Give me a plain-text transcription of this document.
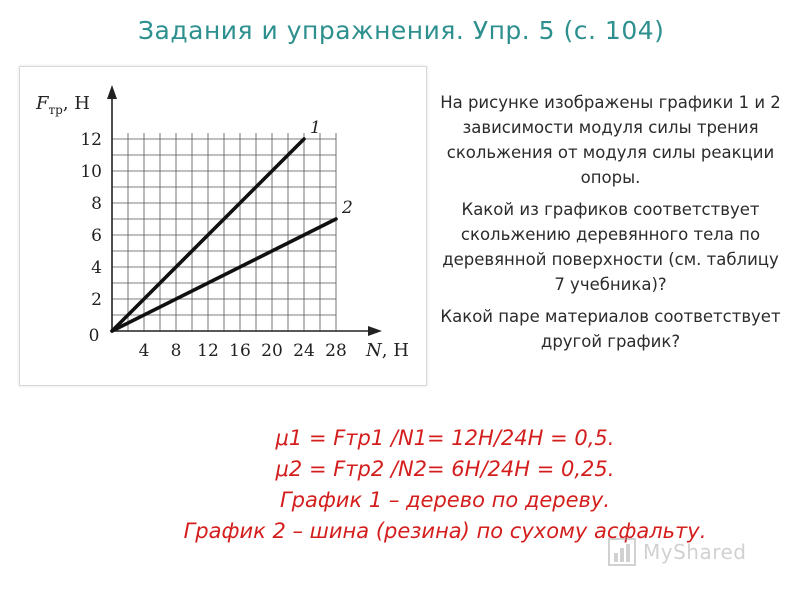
Задания и упражнения. Упр. 5 (с. 104)
1
2
4 8 12 16 20 24 28
2
4
6
8
10
12
0
$F_{тр}$, Н
N, Н

На рисунке изображены графики 1 и 2 зависимости модуля силы трения скольжения от модуля силы реакции опоры.

Какой из графиков соответствует скольжению деревянного тела по деревянной поверхности (см. таблицу 7 учебника)?

Какой паре материалов соответствует другой график?

μ1 = Fтр1 /N1= 12Н/24Н = 0,5.
μ2 = Fтр2 /N2= 6Н/24Н = 0,25.
График 1 – дерево по дереву.
График 2 – шина (резина) по сухому асфальту.
MyShared
